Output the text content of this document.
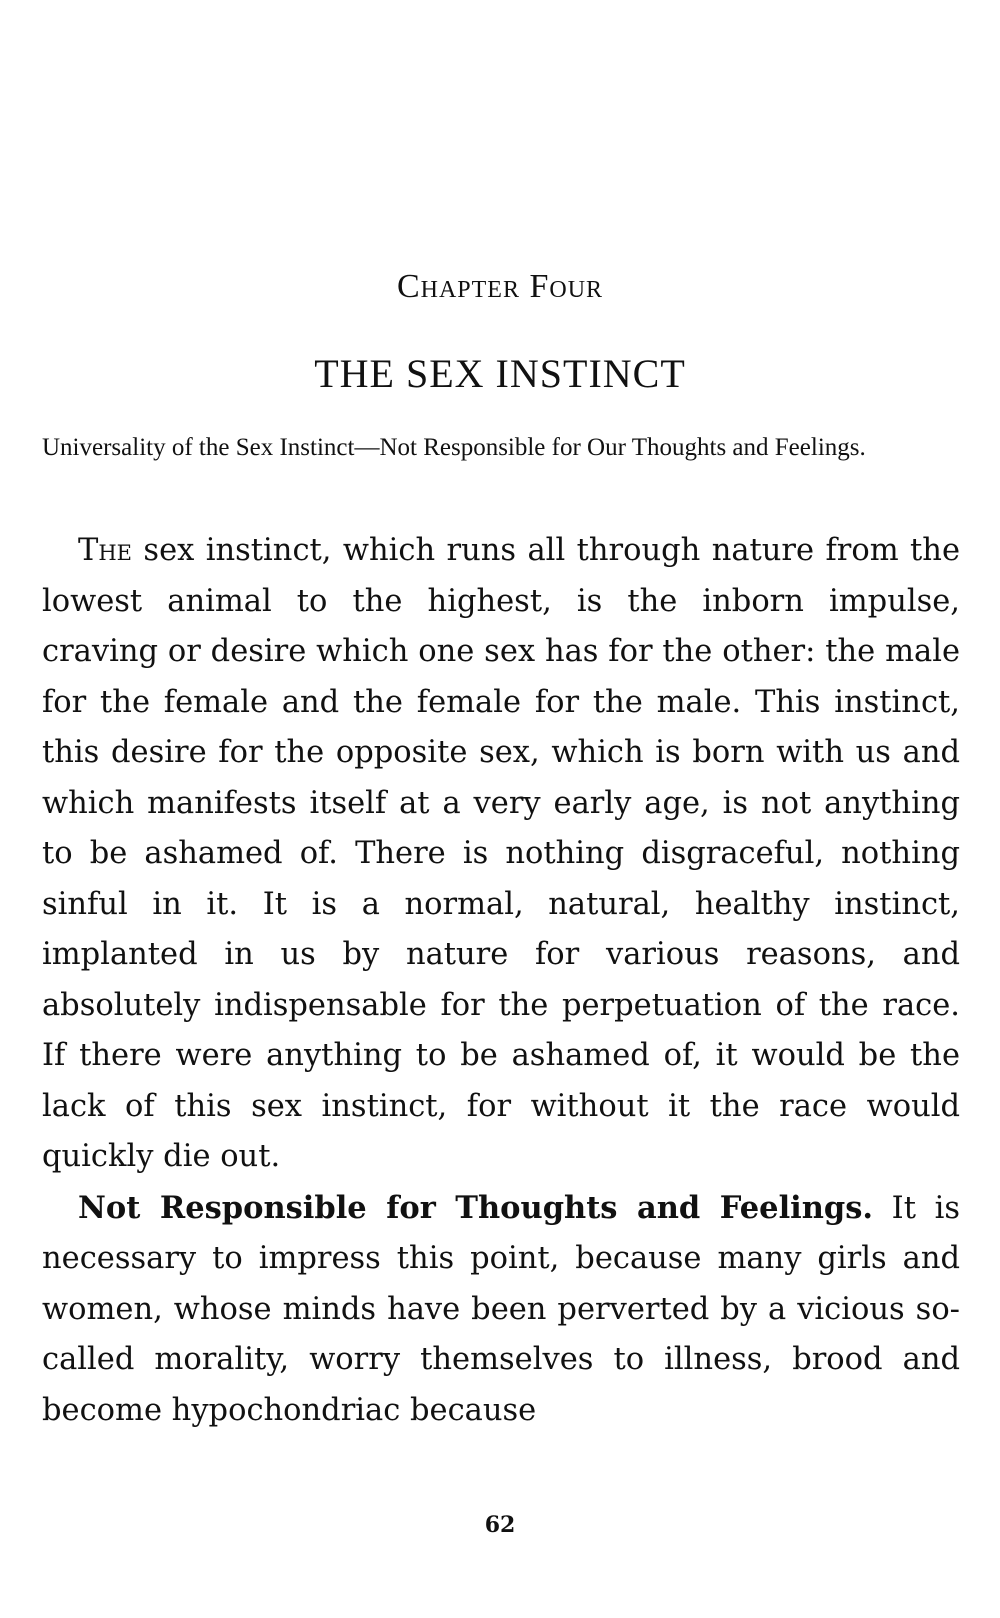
Chapter Four
THE SEX INSTINCT
Universality of the Sex Instinct—Not Responsible for Our Thoughts and Feelings.

The sex instinct, which runs all through nature from the lowest animal to the highest, is the inborn impulse, craving or desire which one sex has for the other: the male for the female and the female for the male. This instinct, this desire for the opposite sex, which is born with us and which manifests itself at a very early age, is not anything to be ashamed of. There is nothing disgraceful, nothing sinful in it. It is a normal, natural, healthy instinct, implanted in us by nature for various reasons, and absolutely indispensable for the perpetuation of the race. If there were anything to be ashamed of, it would be the lack of this sex instinct, for without it the race would quickly die out.

Not Responsible for Thoughts and Feelings. It is necessary to impress this point, because many girls and women, whose minds have been perverted by a vicious so-called morality, worry themselves to illness, brood and become hypochondriac because

62
